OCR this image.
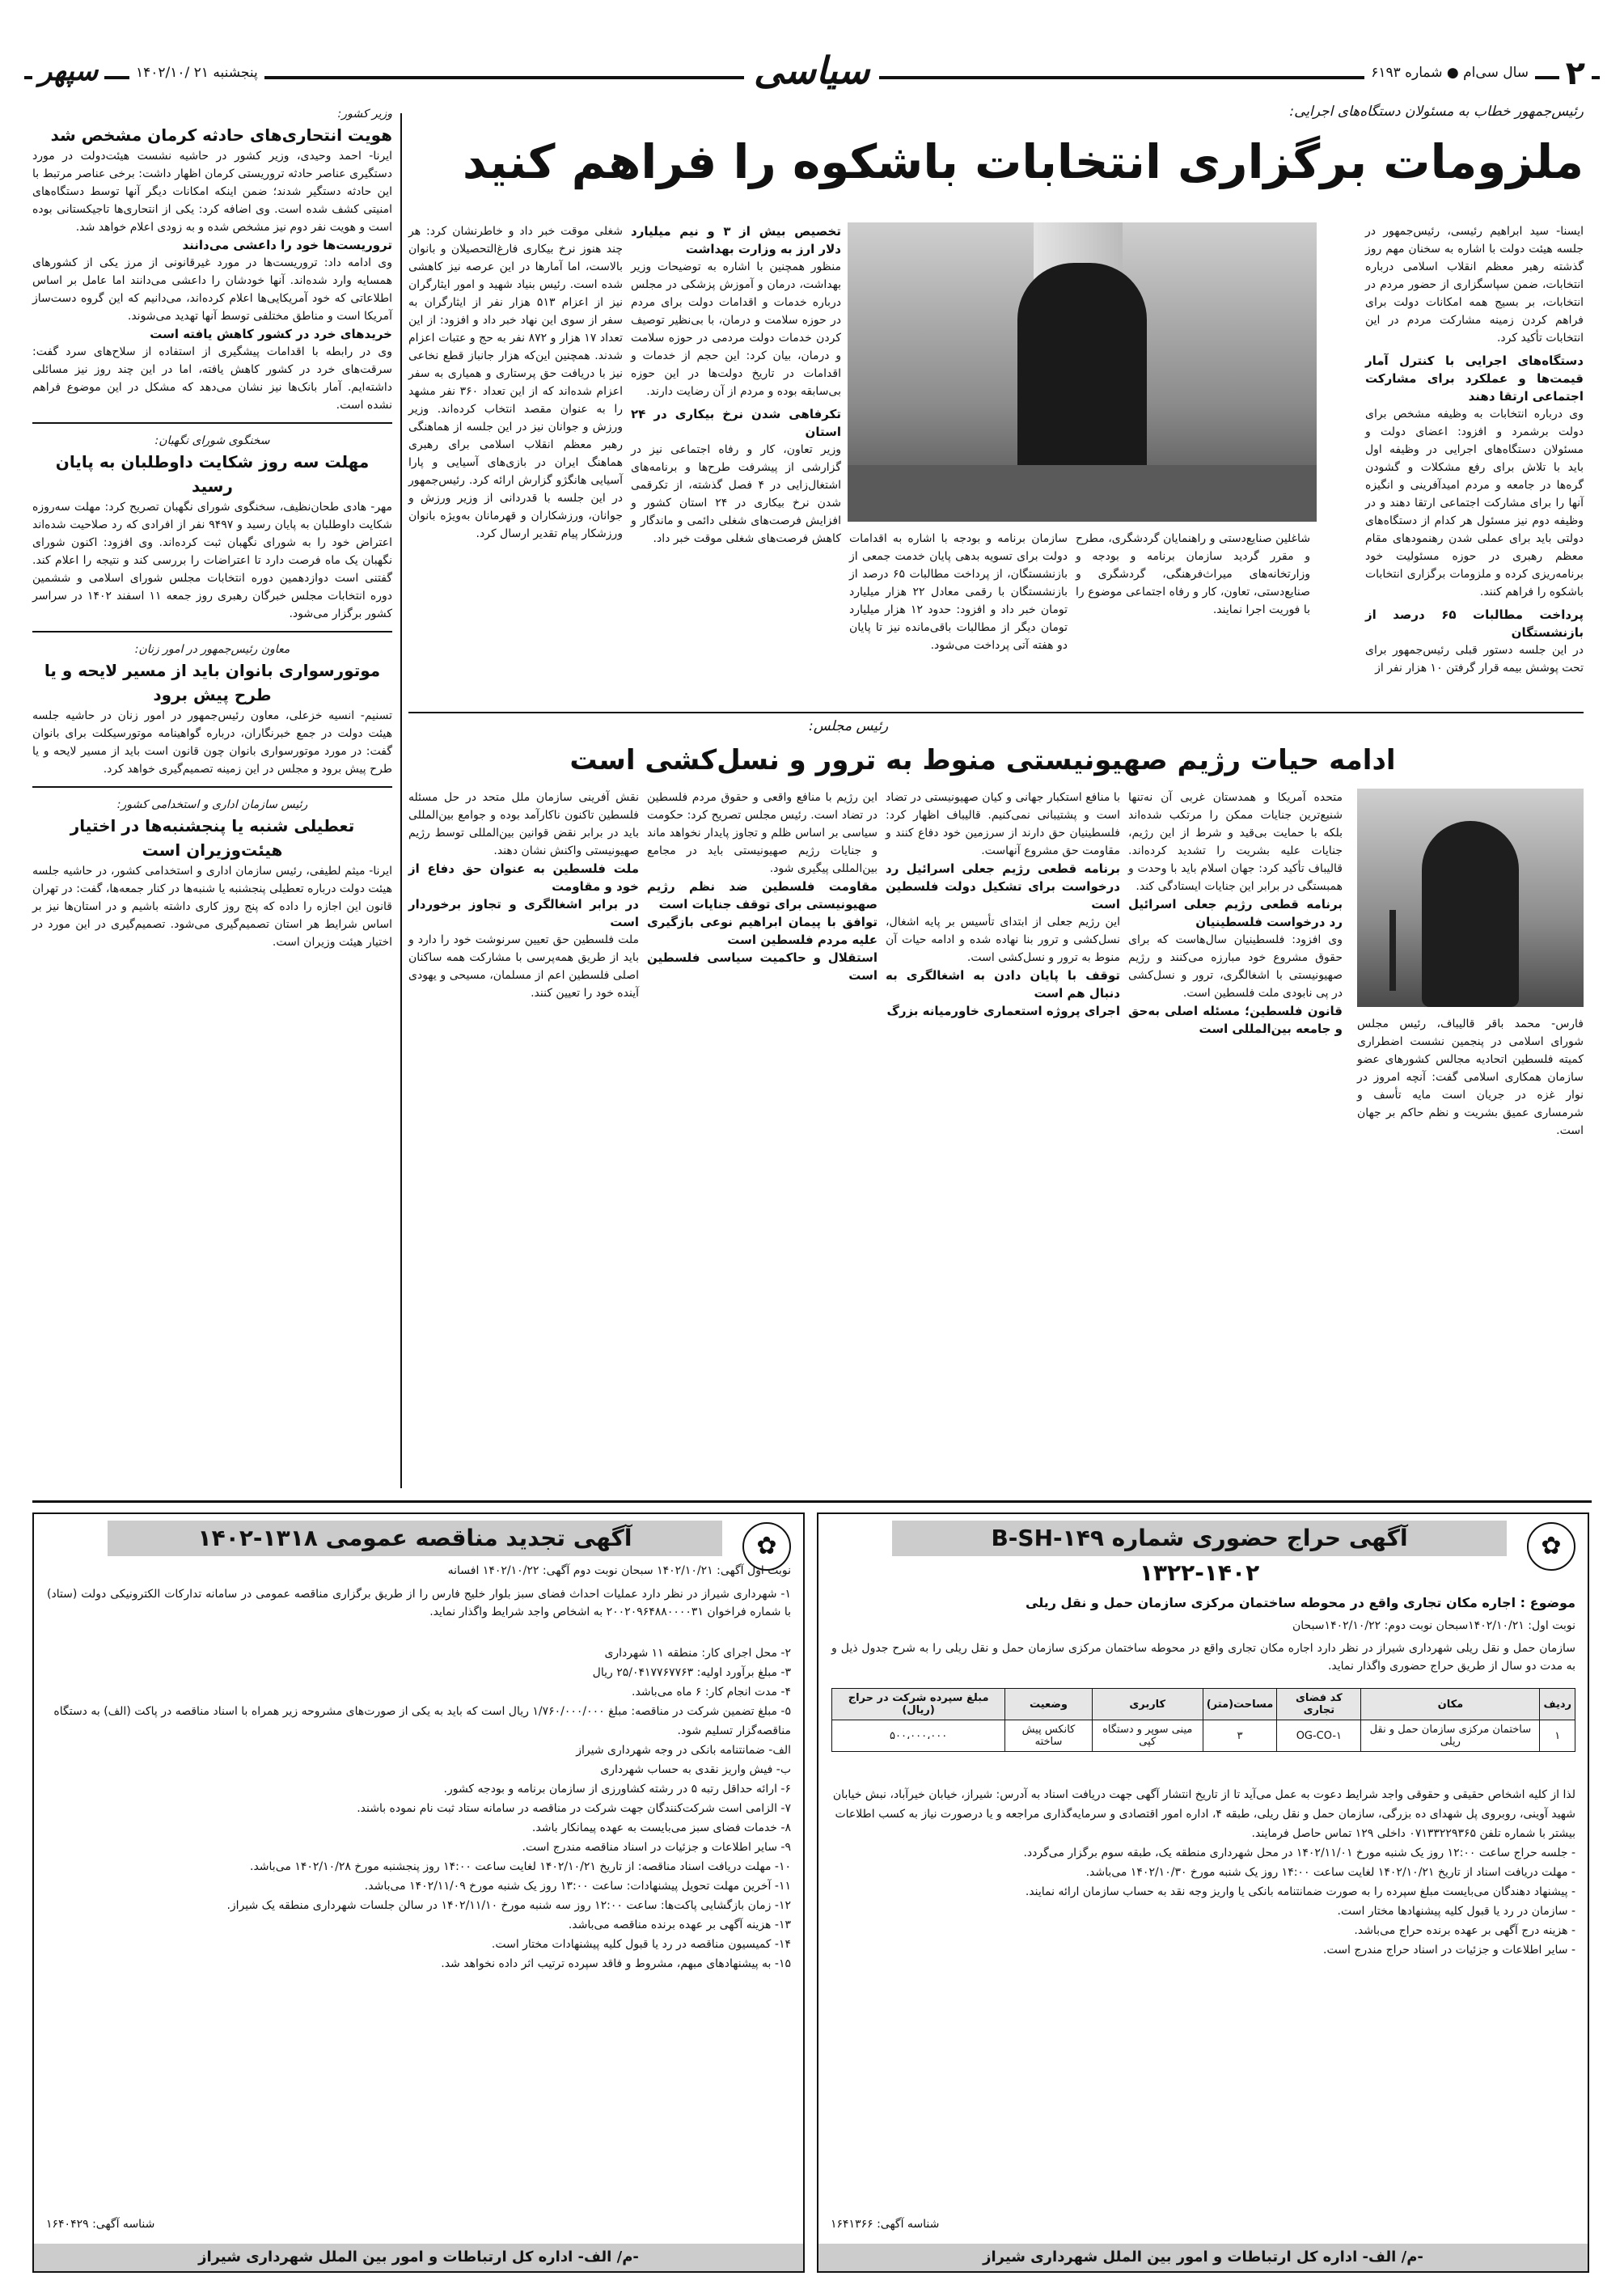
۲
سال سی‌ام ● شماره ۶۱۹۳
سیاسی
پنجشنبه ۲۱ /۱۴۰۲/۱۰
سپهر
رئیس‌جمهور خطاب به مسئولان دستگاه‌های اجرایی:
ملزومات برگزاری انتخابات باشکوه را فراهم کنید
ایسنا- سید ابراهیم رئیسی، رئیس‌جمهور در جلسه هیئت دولت با اشاره به سخنان مهم روز گذشته رهبر معظم انقلاب اسلامی درباره انتخابات، ضمن سپاسگزاری از حضور مردم در انتخابات، بر بسیج همه امکانات دولت برای فراهم کردن زمینه مشارکت مردم در این انتخابات تأکید کرد.
دستگاه‌های اجرایی با کنترل آمار قیمت‌ها و عملکرد برای مشارکت اجتماعی ارتقا دهند
وی درباره انتخابات به وظیفه مشخص برای دولت برشمرد و افزود: اعضای دولت و مسئولان دستگاه‌های اجرایی در وظیفه اول باید با تلاش برای رفع مشکلات و گشودن گره‌ها در جامعه و مردم امیدآفرینی و انگیزه آنها را برای مشارکت اجتماعی ارتقا دهند و در وظیفه دوم نیز مسئول هر کدام از دستگاه‌های دولتی باید برای عملی شدن رهنمودهای مقام معظم رهبری در حوزه مسئولیت خود برنامه‌ریزی کرده و ملزومات برگزاری انتخابات باشکوه را فراهم کنند.
پرداخت مطالبات ۶۵ درصد از بازنشستگان
در این جلسه دستور قبلی رئیس‌جمهور برای تحت پوشش بیمه قرار گرفتن ۱۰ هزار نفر از
شاغلین صنایع‌دستی و راهنمایان گردشگری، مطرح و مقرر گردید سازمان برنامه و بودجه و وزارتخانه‌های میراث‌فرهنگی، گردشگری و صنایع‌دستی، تعاون، کار و رفاه اجتماعی موضوع را با فوریت اجرا نمایند.
سازمان برنامه و بودجه با اشاره به اقدامات دولت برای تسویه بدهی پایان خدمت جمعی از بازنشستگان، از پرداخت مطالبات ۶۵ درصد از بازنشستگان با رقمی معادل ۲۲ هزار میلیارد تومان خبر داد و افزود: حدود ۱۲ هزار میلیارد تومان دیگر از مطالبات باقی‌مانده نیز تا پایان دو هفته آتی پرداخت می‌شود.
تخصیص بیش از ۳ و نیم میلیارد دلار ارز به وزارت بهداشت
منظور همچنین با اشاره به توضیحات وزیر بهداشت، درمان و آموزش پزشکی در مجلس درباره خدمات و اقدامات دولت برای مردم در حوزه سلامت و درمان، با بی‌نظیر توصیف کردن خدمات دولت مردمی در حوزه سلامت و درمان، بیان کرد: این حجم از خدمات و اقدامات در تاریخ دولت‌ها در این حوزه بی‌سابقه بوده و مردم از آن رضایت دارند.
تکرفاهی شدن نرخ بیکاری در ۲۴ استان
وزیر تعاون، کار و رفاه اجتماعی نیز در گزارشی از پیشرفت طرح‌ها و برنامه‌های اشتغال‌زایی در ۴ فصل گذشته، از تکرقمی شدن نرخ بیکاری در ۲۴ استان کشور و افزایش فرصت‌های شغلی دائمی و ماندگار و کاهش فرصت‌های شغلی موقت خبر داد.
شغلی موقت خبر داد و خاطرنشان کرد: هر چند هنوز نرخ بیکاری فارغ‌التحصیلان و بانوان بالاست، اما آمارها در این عرصه نیز کاهشی شده است. رئیس بنیاد شهید و امور ایثارگران نیز از اعزام ۵۱۳ هزار نفر از ایثارگران به سفر از سوی این نهاد خبر داد و افزود: از این تعداد ۱۷ هزار و ۸۷۲ نفر به حج و عتبات اعزام شدند. همچنین این‌که هزار جانباز قطع نخاعی نیز با دریافت حق پرستاری و همیاری به سفر اعزام شده‌اند که از این تعداد ۳۶۰ نفر مشهد را به عنوان مقصد انتخاب کرده‌اند. وزیر ورزش و جوانان نیز در این جلسه از هماهنگی رهبر معظم انقلاب اسلامی برای رهبری هماهنگ ایران در بازی‌های آسیایی و پارا آسیایی هانگژو گزارش ارائه کرد. رئیس‌جمهور در این جلسه با قدردانی از وزیر ورزش و جوانان، ورزشکاران و قهرمانان به‌ویژه بانوان ورزشکار پیام تقدیر ارسال کرد.
وزیر کشور:
هویت انتحاری‌های حادثه کرمان مشخص شد
ایرنا- احمد وحیدی، وزیر کشور در حاشیه نشست هیئت‌دولت در مورد دستگیری عناصر حادثه تروریستی کرمان اظهار داشت: برخی عناصر مرتبط با این حادثه دستگیر شدند؛ ضمن اینکه امکانات دیگر آنها توسط دستگاه‌های امنیتی کشف شده است. وی اضافه کرد: یکی از انتحاری‌ها تاجیکستانی بوده است و هویت نفر دوم نیز مشخص شده و به زودی اعلام خواهد شد.
تروریست‌ها خود را داعشی می‌دانند
وی ادامه داد: تروریست‌ها در مورد غیرقانونی از مرز یکی از کشورهای همسایه وارد شده‌اند. آنها خودشان را داعشی می‌دانند اما عامل بر اساس اطلاعاتی که خود آمریکایی‌ها اعلام کرده‌اند، می‌دانیم که این گروه دست‌ساز آمریکا است و مناطق مختلفی توسط آنها تهدید می‌شوند.
خرید‌های خرد در کشور کاهش یافته است
وی در رابطه با اقدامات پیشگیری از استفاده از سلاح‌های سرد گفت: سرقت‌های خرد در کشور کاهش یافته، اما در این چند روز نیز مسائلی داشته‌ایم. آمار بانک‌ها نیز نشان می‌دهد که مشکل در این موضوع فراهم نشده است.
سخنگوی شورای نگهبان:
مهلت سه روز شکایت داوطلبان به پایان رسید
مهر- هادی طحان‌نظیف، سخنگوی شورای نگهبان تصریح کرد: مهلت سه‌روزه شکایت داوطلبان به پایان رسید و ۹۴۹۷ نفر از افرادی که رد صلاحیت شده‌اند اعتراض خود را به شورای نگهبان ثبت کرده‌اند. وی افزود: اکنون شورای نگهبان یک ماه فرصت دارد تا اعتراضات را بررسی کند و نتیجه را اعلام کند. گفتنی است دوازدهمین دوره انتخابات مجلس شورای اسلامی و ششمین دوره انتخابات مجلس خبرگان رهبری روز جمعه ۱۱ اسفند ۱۴۰۲ در سراسر کشور برگزار می‌شود.
معاون رئیس‌جمهور در امور زنان:
موتورسواری بانوان باید از مسیر لایحه و یا طرح پیش برود
تسنیم- انسیه خزعلی، معاون رئیس‌جمهور در امور زنان در حاشیه جلسه هیئت دولت در جمع خبرنگاران، درباره گواهینامه موتورسیکلت برای بانوان گفت: در مورد موتورسواری بانوان چون قانون است باید از مسیر لایحه و یا طرح پیش برود و مجلس در این زمینه تصمیم‌گیری خواهد کرد.
رئیس سازمان اداری و استخدامی کشور:
تعطیلی شنبه یا پنجشنبه‌ها در اختیار هیئت‌وزیران است
ایرنا- میثم لطیفی، رئیس سازمان اداری و استخدامی کشور، در حاشیه جلسه هیئت دولت درباره تعطیلی پنجشنبه یا شنبه‌ها در کنار جمعه‌ها، گفت: در تهران قانون این اجازه را داده که پنج روز کاری داشته باشیم و در استان‌ها نیز بر اساس شرایط هر استان تصمیم‌گیری می‌شود. تصمیم‌گیری در این مورد در اختیار هیئت وزیران است.
رئیس مجلس:
ادامه حیات رژیم صهیونیستی منوط به ترور و نسل‌کشی است
فارس- محمد باقر قالیباف، رئیس مجلس شورای اسلامی در پنجمین نشست اضطراری کمیته فلسطین اتحادیه مجالس کشورهای عضو سازمان همکاری اسلامی گفت: آنچه امروز در نوار غزه در جریان است مایه تأسف و شرمساری عمیق بشریت و نظم حاکم بر جهان است.
متحده آمریکا و همدستان غربی آن نه‌تنها شنیع‌ترین جنایات ممکن را مرتکب شده‌اند بلکه با حمایت بی‌قید و شرط از این رژیم، جنایات علیه بشریت را تشدید کرده‌اند. قالیباف تأکید کرد: جهان اسلام باید با وحدت و همبستگی در برابر این جنایات ایستادگی کند.
برنامه قطعی رژیم جعلی اسرائیل رد درخواست فلسطینیان
وی افزود: فلسطینیان سال‌هاست که برای حقوق مشروع خود مبارزه می‌کنند و رژیم صهیونیستی با اشغالگری، ترور و نسل‌کشی در پی نابودی ملت فلسطین است.
قانون فلسطین؛ مسئله اصلی به‌حق و جامعه بین‌المللی است
با منافع استکبار جهانی و کیان صهیونیستی در تضاد است و پشتیبانی نمی‌کنیم. قالیباف اظهار کرد: فلسطینیان حق دارند از سرزمین خود دفاع کنند و مقاومت حق مشروع آنهاست.
برنامه قطعی رژیم جعلی اسرائیل رد درخواست برای تشکیل دولت فلسطین است
این رژیم جعلی از ابتدای تأسیس بر پایه اشغال، نسل‌کشی و ترور بنا نهاده شده و ادامه حیات آن منوط به ترور و نسل‌کشی است.
توقف با پایان دادن به اشغالگری به دنبال هم است
اجرای پروژه استعماری خاورمیانه بزرگ
این رژیم با منافع واقعی و حقوق مردم فلسطین در تضاد است. رئیس مجلس تصریح کرد: حکومت سیاسی بر اساس ظلم و تجاوز پایدار نخواهد ماند و جنایات رژیم صهیونیستی باید در مجامع بین‌المللی پیگیری شود.
مقاومت فلسطین ضد نظم رژیم صهیونیستی برای توقف جنایات است
توافق با پیمان ابراهیم نوعی بازگیری علیه مردم فلسطین است
استقلال و حاکمیت سیاسی فلسطین است
نقش آفرینی سازمان ملل متحد در حل مسئله فلسطین تاکنون ناکارآمد بوده و جوامع بین‌المللی باید در برابر نقض قوانین بین‌المللی توسط رژیم صهیونیستی واکنش نشان دهند.
ملت فلسطین به عنوان حق دفاع از خود و مقاومت
در برابر اشغالگری و تجاوز برخوردار است
ملت فلسطین حق تعیین سرنوشت خود را دارد و باید از طریق همه‌پرسی با مشارکت همه ساکنان اصلی فلسطین اعم از مسلمان، مسیحی و یهودی آینده خود را تعیین کنند.
✿
آگهی حراج حضوری شماره B-SH-۱۴۹
۱۳۲۲-۱۴۰۲
موضوع : اجاره مکان تجاری واقع در محوطه ساختمان مرکزی سازمان حمل و نقل ریلی
نوبت اول: ۱۴۰۲/۱۰/۲۱سبحان نوبت دوم: ۱۴۰۲/۱۰/۲۲سبحان
سازمان حمل و نقل ریلی شهرداری شیراز در نظر دارد اجاره مکان تجاری واقع در محوطه ساختمان مرکزی سازمان حمل و نقل ریلی را به شرح جدول ذیل و به مدت دو سال از طریق حراج حضوری واگذار نماید.
ردیف	مکان	کد فضای تجاری	مساحت(متر)	کاربری	وضعیت	مبلغ سپرده شرکت در حراج (ریال)
۱	ساختمان مرکزی سازمان حمل و نقل ریلی	OG-CO-۱	۳	مینی سوپر و دستگاه کپی	کانکس پیش ساخته	۵۰۰،۰۰۰،۰۰۰
لذا از کلیه اشخاص حقیقی و حقوقی واجد شرایط دعوت به عمل می‌آید تا از تاریخ انتشار آگهی جهت دریافت اسناد به آدرس: شیراز، خیابان خیرآباد، نبش خیابان شهید آوینی، روبروی پل شهدای ده بزرگی، سازمان حمل و نقل ریلی، طبقه ۴، اداره امور اقتصادی و سرمایه‌گذاری مراجعه و یا درصورت نیاز به کسب اطلاعات بیشتر با شماره تلفن ۰۷۱۳۳۲۲۹۳۶۵ داخلی ۱۲۹ تماس حاصل فرمایند.
- جلسه حراج ساعت ۱۲:۰۰ روز یک شنبه مورخ ۱۴۰۲/۱۱/۰۱ در محل شهرداری منطقه یک، طبقه سوم برگزار می‌گردد.
- مهلت دریافت اسناد از تاریخ ۱۴۰۲/۱۰/۲۱ لغایت ساعت ۱۴:۰۰ روز یک شنبه مورخ ۱۴۰۲/۱۰/۳۰ می‌باشد.
- پیشنهاد دهندگان می‌بایست مبلغ سپرده را به صورت ضمانتنامه بانکی یا واریز وجه نقد به حساب سازمان ارائه نمایند.
- سازمان در رد یا قبول کلیه پیشنهادها مختار است.
- هزینه درج آگهی بر عهده برنده حراج می‌باشد.
- سایر اطلاعات و جزئیات در اسناد حراج مندرج است.
شناسه آگهی: ۱۶۴۱۳۶۶
-م/ الف- اداره کل ارتباطات و امور بین الملل شهرداری شیراز
✿
آگهی تجدید مناقصه عمومی ۱۳۱۸-۱۴۰۲
نوبت اول آگهی: ۱۴۰۲/۱۰/۲۱ سبحان نوبت دوم آگهی: ۱۴۰۲/۱۰/۲۲ افسانه
۱- شهرداری شیراز در نظر دارد عملیات احداث فضای سبز بلوار خلیج فارس را از طریق برگزاری مناقصه عمومی در سامانه تدارکات الکترونیکی دولت (ستاد) با شماره فراخوان ۲۰۰۲۰۹۶۴۸۸۰۰۰۰۳۱ به اشخاص واجد شرایط واگذار نماید.
۲- محل اجرای کار: منطقه ۱۱ شهرداری
۳- مبلغ برآورد اولیه: ۲۵/۰۴۱۷۷۶۷۷۶۳ ریال
۴- مدت انجام کار: ۶ ماه می‌باشد.
۵- مبلغ تضمین شرکت در مناقصه: مبلغ ۱/۷۶۰/۰۰۰/۰۰۰ ریال است که باید به یکی از صورت‌های مشروحه زیر همراه با اسناد مناقصه در پاکت (الف) به دستگاه مناقصه‌گزار تسلیم شود.
الف- ضمانتنامه بانکی در وجه شهرداری شیراز
ب- فیش واریز نقدی به حساب شهرداری
۶- ارائه حداقل رتبه ۵ در رشته کشاورزی از سازمان برنامه و بودجه کشور.
۷- الزامی است شرکت‌کنندگان جهت شرکت در مناقصه در سامانه ستاد ثبت نام نموده باشند.
۸- خدمات فضای سبز می‌بایست به عهده پیمانکار باشد.
۹- سایر اطلاعات و جزئیات در اسناد مناقصه مندرج است.
۱۰- مهلت دریافت اسناد مناقصه: از تاریخ ۱۴۰۲/۱۰/۲۱ لغایت ساعت ۱۴:۰۰ روز پنجشنبه مورخ ۱۴۰۲/۱۰/۲۸ می‌باشد.
۱۱- آخرین مهلت تحویل پیشنهادات: ساعت ۱۳:۰۰ روز یک شنبه مورخ ۱۴۰۲/۱۱/۰۹ می‌باشد.
۱۲- زمان بازگشایی پاکت‌ها: ساعت ۱۲:۰۰ روز سه شنبه مورخ ۱۴۰۲/۱۱/۱۰ در سالن جلسات شهرداری منطقه یک شیراز.
۱۳- هزینه آگهی بر عهده برنده مناقصه می‌باشد.
۱۴- کمیسیون مناقصه در رد یا قبول کلیه پیشنهادات مختار است.
۱۵- به پیشنهادهای مبهم، مشروط و فاقد سپرده ترتیب اثر داده نخواهد شد.
شناسه آگهی: ۱۶۴۰۴۲۹
-م/ الف- اداره کل ارتباطات و امور بین الملل شهرداری شیراز
